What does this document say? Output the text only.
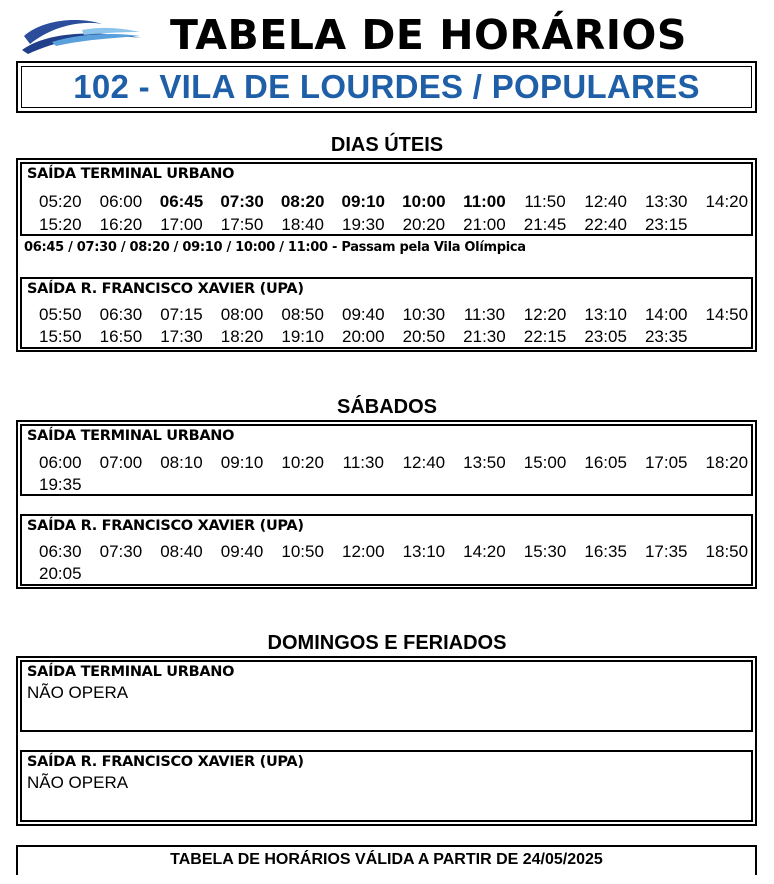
TABELA DE HORÁRIOS
102 - VILA DE LOURDES / POPULARES
DIAS ÚTEIS
SAÍDA TERMINAL URBANO
05:20	06:00	06:45	07:30	08:20	09:10	10:00	11:00	11:50	12:40	13:30	14:20
15:20	16:20	17:00	17:50	18:40	19:30	20:20	21:00	21:45	22:40	23:15
06:45 / 07:30 / 08:20 / 09:10 / 10:00 / 11:00 - Passam pela Vila Olímpica
SAÍDA R. FRANCISCO XAVIER (UPA)
05:50	06:30	07:15	08:00	08:50	09:40	10:30	11:30	12:20	13:10	14:00	14:50
15:50	16:50	17:30	18:20	19:10	20:00	20:50	21:30	22:15	23:05	23:35
SÁBADOS
SAÍDA TERMINAL URBANO
06:00	07:00	08:10	09:10	10:20	11:30	12:40	13:50	15:00	16:05	17:05	18:20
19:35
SAÍDA R. FRANCISCO XAVIER (UPA)
06:30	07:30	08:40	09:40	10:50	12:00	13:10	14:20	15:30	16:35	17:35	18:50
20:05
DOMINGOS E FERIADOS
SAÍDA TERMINAL URBANO
NÃO OPERA
SAÍDA R. FRANCISCO XAVIER (UPA)
NÃO OPERA
TABELA DE HORÁRIOS VÁLIDA A PARTIR DE 24/05/2025
